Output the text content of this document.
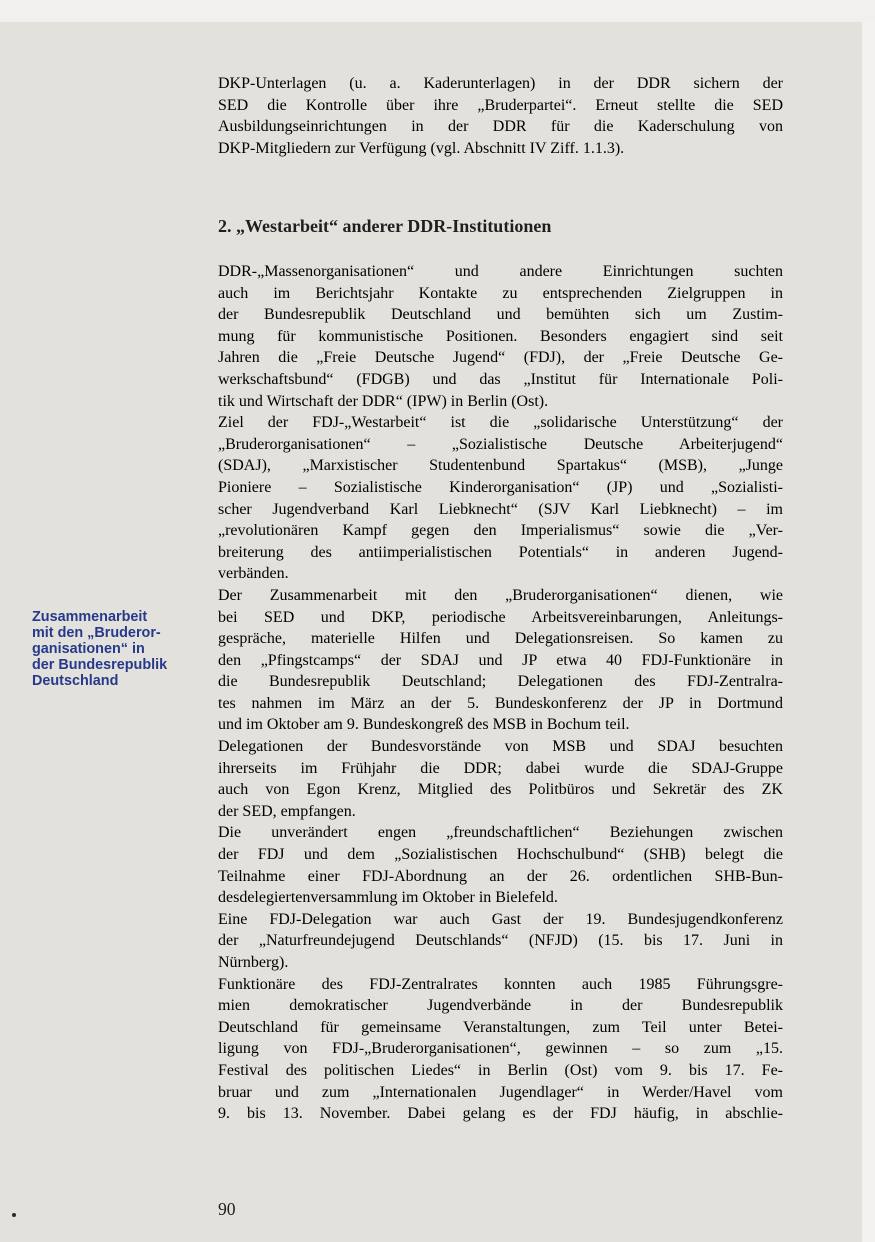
DKP-Unterlagen (u. a. Kaderunterlagen) in der DDR sichern der
SED die Kontrolle über ihre „Bruderpartei“. Erneut stellte die SED
Ausbildungseinrichtungen in der DDR für die Kaderschulung von
DKP-Mitgliedern zur Verfügung (vgl. Abschnitt IV Ziff. 1.1.3).
2. „Westarbeit“ anderer DDR-Institutionen
Zusammenarbeit
mit den „Bruderor-
ganisationen“ in
der Bundesrepublik
Deutschland
DDR-„Massenorganisationen“ und andere Einrichtungen suchten
auch im Berichtsjahr Kontakte zu entsprechenden Zielgruppen in
der Bundesrepublik Deutschland und bemühten sich um Zustim-
mung für kommunistische Positionen. Besonders engagiert sind seit
Jahren die „Freie Deutsche Jugend“ (FDJ), der „Freie Deutsche Ge-
werkschaftsbund“ (FDGB) und das „Institut für Internationale Poli-
tik und Wirtschaft der DDR“ (IPW) in Berlin (Ost).
Ziel der FDJ-„Westarbeit“ ist die „solidarische Unterstützung“ der
„Bruderorganisationen“ – „Sozialistische Deutsche Arbeiterjugend“
(SDAJ), „Marxistischer Studentenbund Spartakus“ (MSB), „Junge
Pioniere – Sozialistische Kinderorganisation“ (JP) und „Sozialisti-
scher Jugendverband Karl Liebknecht“ (SJV Karl Liebknecht) – im
„revolutionären Kampf gegen den Imperialismus“ sowie die „Ver-
breiterung des antiimperialistischen Potentials“ in anderen Jugend-
verbänden.
Der Zusammenarbeit mit den „Bruderorganisationen“ dienen, wie
bei SED und DKP, periodische Arbeitsvereinbarungen, Anleitungs-
gespräche, materielle Hilfen und Delegationsreisen. So kamen zu
den „Pfingstcamps“ der SDAJ und JP etwa 40 FDJ-Funktionäre in
die Bundesrepublik Deutschland; Delegationen des FDJ-Zentralra-
tes nahmen im März an der 5. Bundeskonferenz der JP in Dortmund
und im Oktober am 9. Bundeskongreß des MSB in Bochum teil.
Delegationen der Bundesvorstände von MSB und SDAJ besuchten
ihrerseits im Frühjahr die DDR; dabei wurde die SDAJ-Gruppe
auch von Egon Krenz, Mitglied des Politbüros und Sekretär des ZK
der SED, empfangen.
Die unverändert engen „freundschaftlichen“ Beziehungen zwischen
der FDJ und dem „Sozialistischen Hochschulbund“ (SHB) belegt die
Teilnahme einer FDJ-Abordnung an der 26. ordentlichen SHB-Bun-
desdelegiertenversammlung im Oktober in Bielefeld.
Eine FDJ-Delegation war auch Gast der 19. Bundesjugendkonferenz
der „Naturfreundejugend Deutschlands“ (NFJD) (15. bis 17. Juni in
Nürnberg).
Funktionäre des FDJ-Zentralrates konnten auch 1985 Führungsgre-
mien demokratischer Jugendverbände in der Bundesrepublik
Deutschland für gemeinsame Veranstaltungen, zum Teil unter Betei-
ligung von FDJ-„Bruderorganisationen“, gewinnen – so zum „15.
Festival des politischen Liedes“ in Berlin (Ost) vom 9. bis 17. Fe-
bruar und zum „Internationalen Jugendlager“ in Werder/Havel vom
9. bis 13. November. Dabei gelang es der FDJ häufig, in abschlie-
90
